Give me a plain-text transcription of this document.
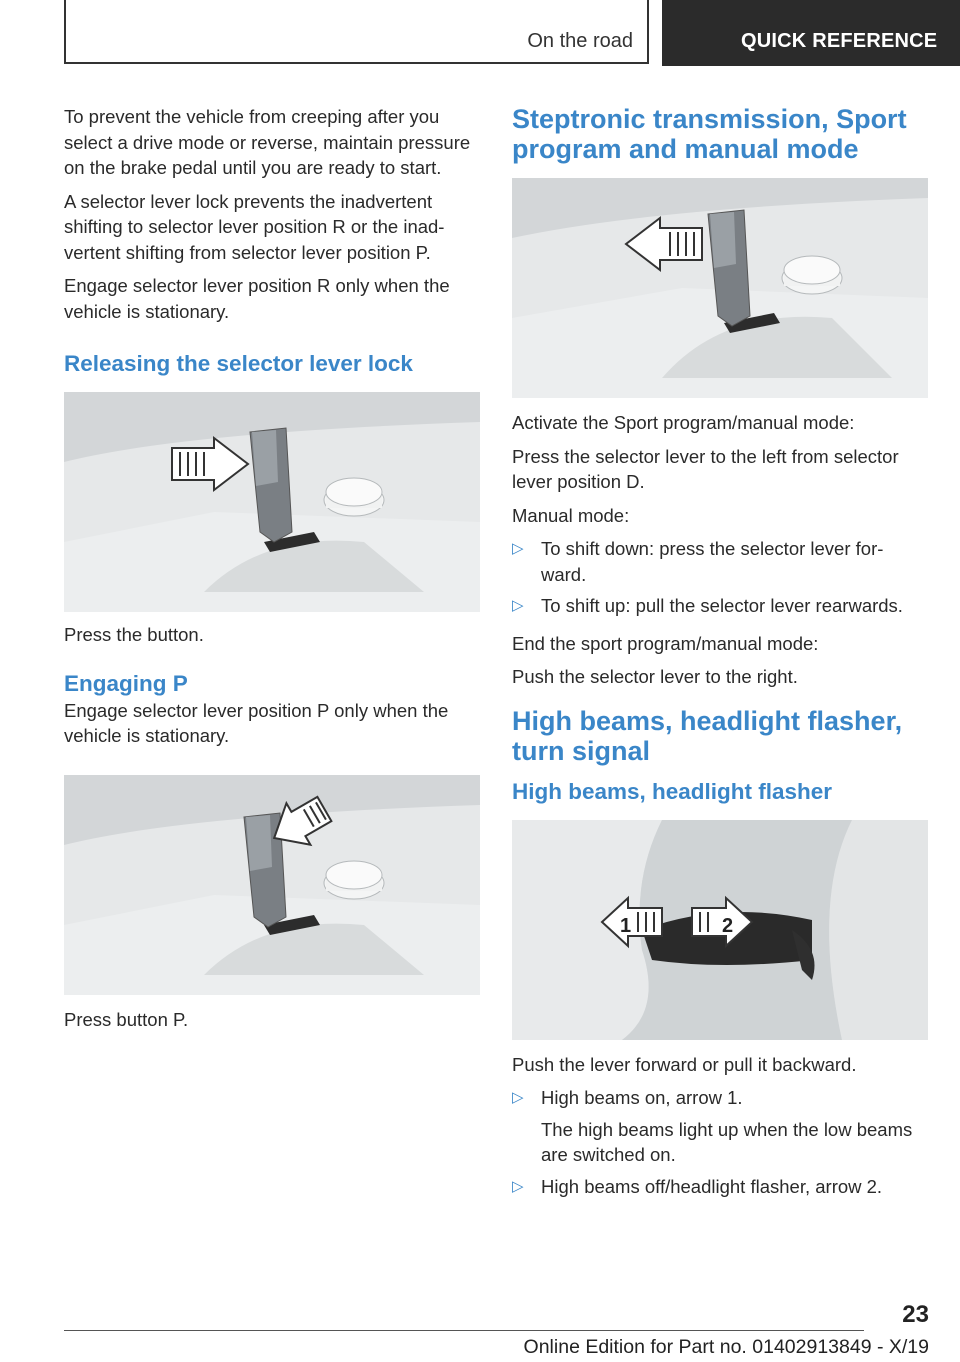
On the road	QUICK REFERENCE

To prevent the vehicle from creeping after you select a drive mode or reverse, maintain pressure on the brake pedal until you are ready to start.

A selector lever lock prevents the inadvertent shifting to selector lever position R or the inad-vertent shifting from selector lever position P.

Engage selector lever position R only when the vehicle is stationary.

Releasing the selector lever lock

Press the button.

Engaging P

Engage selector lever position P only when the vehicle is stationary.

Press button P.

Steptronic transmission, Sport program and manual mode

Activate the Sport program/manual mode:

Press the selector lever to the left from selector lever position D.

Manual mode:

▷ To shift down: press the selector lever for-ward.
▷ To shift up: pull the selector lever rearwards.

End the sport program/manual mode:

Push the selector lever to the right.

High beams, headlight flasher, turn signal
High beams, headlight flasher
1	2

Push the lever forward or pull it backward.

▷ High beams on, arrow 1.
The high beams light up when the low beams are switched on.
▷ High beams off/headlight flasher, arrow 2.
23
Online Edition for Part no. 01402913849 - X/19
